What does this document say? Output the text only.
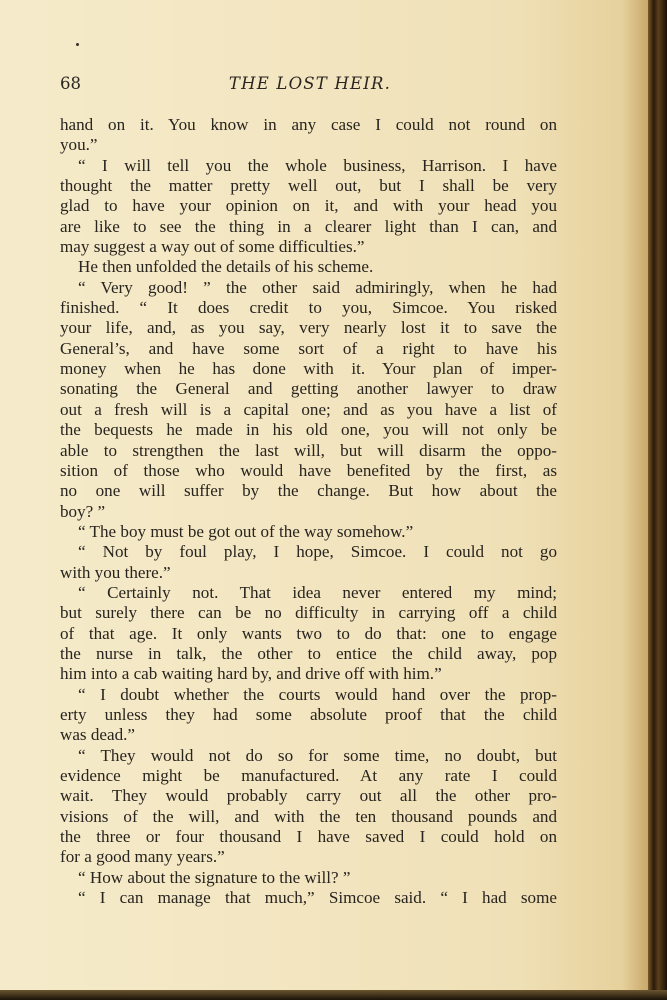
68	THE LOST HEIR.
hand on it. You know in any case I could not round on
you.”
“ I will tell you the whole business, Harrison. I have
thought the matter pretty well out, but I shall be very
glad to have your opinion on it, and with your head you
are like to see the thing in a clearer light than I can, and
may suggest a way out of some difficulties.”
He then unfolded the details of his scheme.
“ Very good! ” the other said admiringly, when he had
finished. “ It does credit to you, Simcoe. You risked
your life, and, as you say, very nearly lost it to save the
General’s, and have some sort of a right to have his
money when he has done with it. Your plan of imper-
sonating the General and getting another lawyer to draw
out a fresh will is a capital one; and as you have a list of
the bequests he made in his old one, you will not only be
able to strengthen the last will, but will disarm the oppo-
sition of those who would have benefited by the first, as
no one will suffer by the change. But how about the
boy? ”
“ The boy must be got out of the way somehow.”
“ Not by foul play, I hope, Simcoe. I could not go
with you there.”
“ Certainly not. That idea never entered my mind;
but surely there can be no difficulty in carrying off a child
of that age. It only wants two to do that: one to engage
the nurse in talk, the other to entice the child away, pop
him into a cab waiting hard by, and drive off with him.”
“ I doubt whether the courts would hand over the prop-
erty unless they had some absolute proof that the child
was dead.”
“ They would not do so for some time, no doubt, but
evidence might be manufactured. At any rate I could
wait. They would probably carry out all the other pro-
visions of the will, and with the ten thousand pounds and
the three or four thousand I have saved I could hold on
for a good many years.”
“ How about the signature to the will? ”
“ I can manage that much,” Simcoe said. “ I had some
